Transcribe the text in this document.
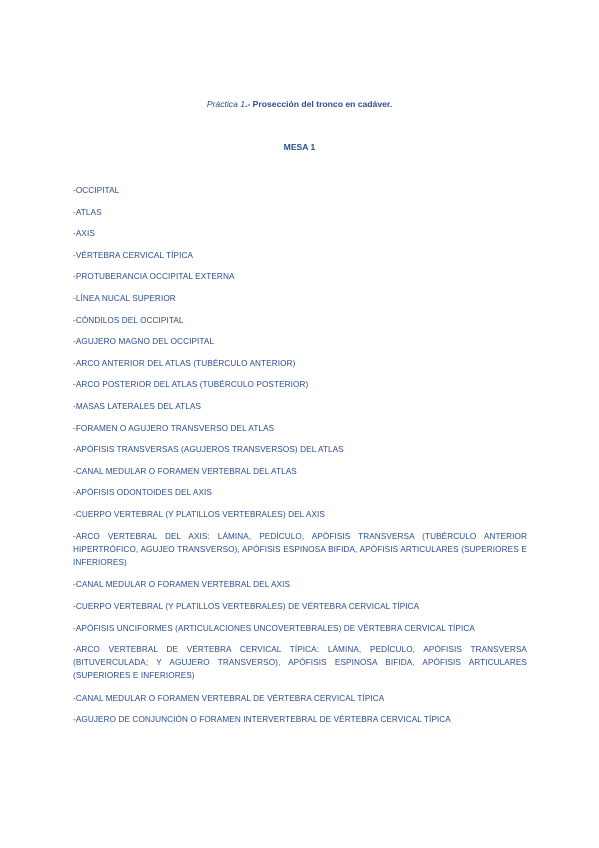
Práctica 1.- Prosección del tronco en cadáver.
MESA 1
-OCCIPITAL
-ATLAS
-AXIS
-VÉRTEBRA CERVICAL TÍPICA
-PROTUBERANCIA OCCIPITAL EXTERNA
-LÍNEA NUCAL SUPERIOR
-CÓNDILOS DEL OCCIPITAL
-AGUJERO MAGNO DEL OCCIPITAL
-ARCO ANTERIOR DEL ATLAS (TUBÉRCULO ANTERIOR)
-ARCO POSTERIOR DEL ATLAS (TUBÉRCULO POSTERIOR)
-MASAS LATERALES DEL ATLAS
-FORAMEN O AGUJERO TRANSVERSO DEL ATLAS
-APÓFISIS TRANSVERSAS (AGUJEROS TRANSVERSOS) DEL ATLAS
-CANAL MEDULAR O FORAMEN VERTEBRAL DEL ATLAS
-APÓFISIS ODONTOIDES DEL AXIS
-CUERPO VERTEBRAL (Y PLATILLOS VERTEBRALES) DEL AXIS
-ARCO VERTEBRAL DEL AXIS: LÁMINA, PEDÍCULO, APÓFISIS TRANSVERSA (TUBÉRCULO ANTERIOR HIPERTRÓFICO, AGUJEO TRANSVERSO), APÓFISIS ESPINOSA BIFIDA, APÓFISIS ARTICULARES (SUPERIORES E INFERIORES)
-CANAL MEDULAR O FORAMEN VERTEBRAL DEL AXIS
-CUERPO VERTEBRAL (Y PLATILLOS VERTEBRALES) DE VÉRTEBRA CERVICAL TÍPICA
-APÓFISIS UNCIFORMES (ARTICULACIONES UNCOVERTEBRALES) DE VÉRTEBRA CERVICAL TÍPICA
-ARCO VERTEBRAL DE VÉRTEBRA CERVICAL TÍPICA: LÁMINA, PEDÍCULO, APÓFISIS TRANSVERSA (BITUVERCULADA; Y AGUJERO TRANSVERSO), APÓFISIS ESPINOSA BIFIDA, APÓFISIS ARTICULARES (SUPERIORES E INFERIORES)
-CANAL MEDULAR O FORAMEN VERTEBRAL DE VÉRTEBRA CERVICAL TÍPICA
-AGUJERO DE CONJUNCIÓN O FORAMEN INTERVERTEBRAL DE VÉRTEBRA CERVICAL TÍPICA
